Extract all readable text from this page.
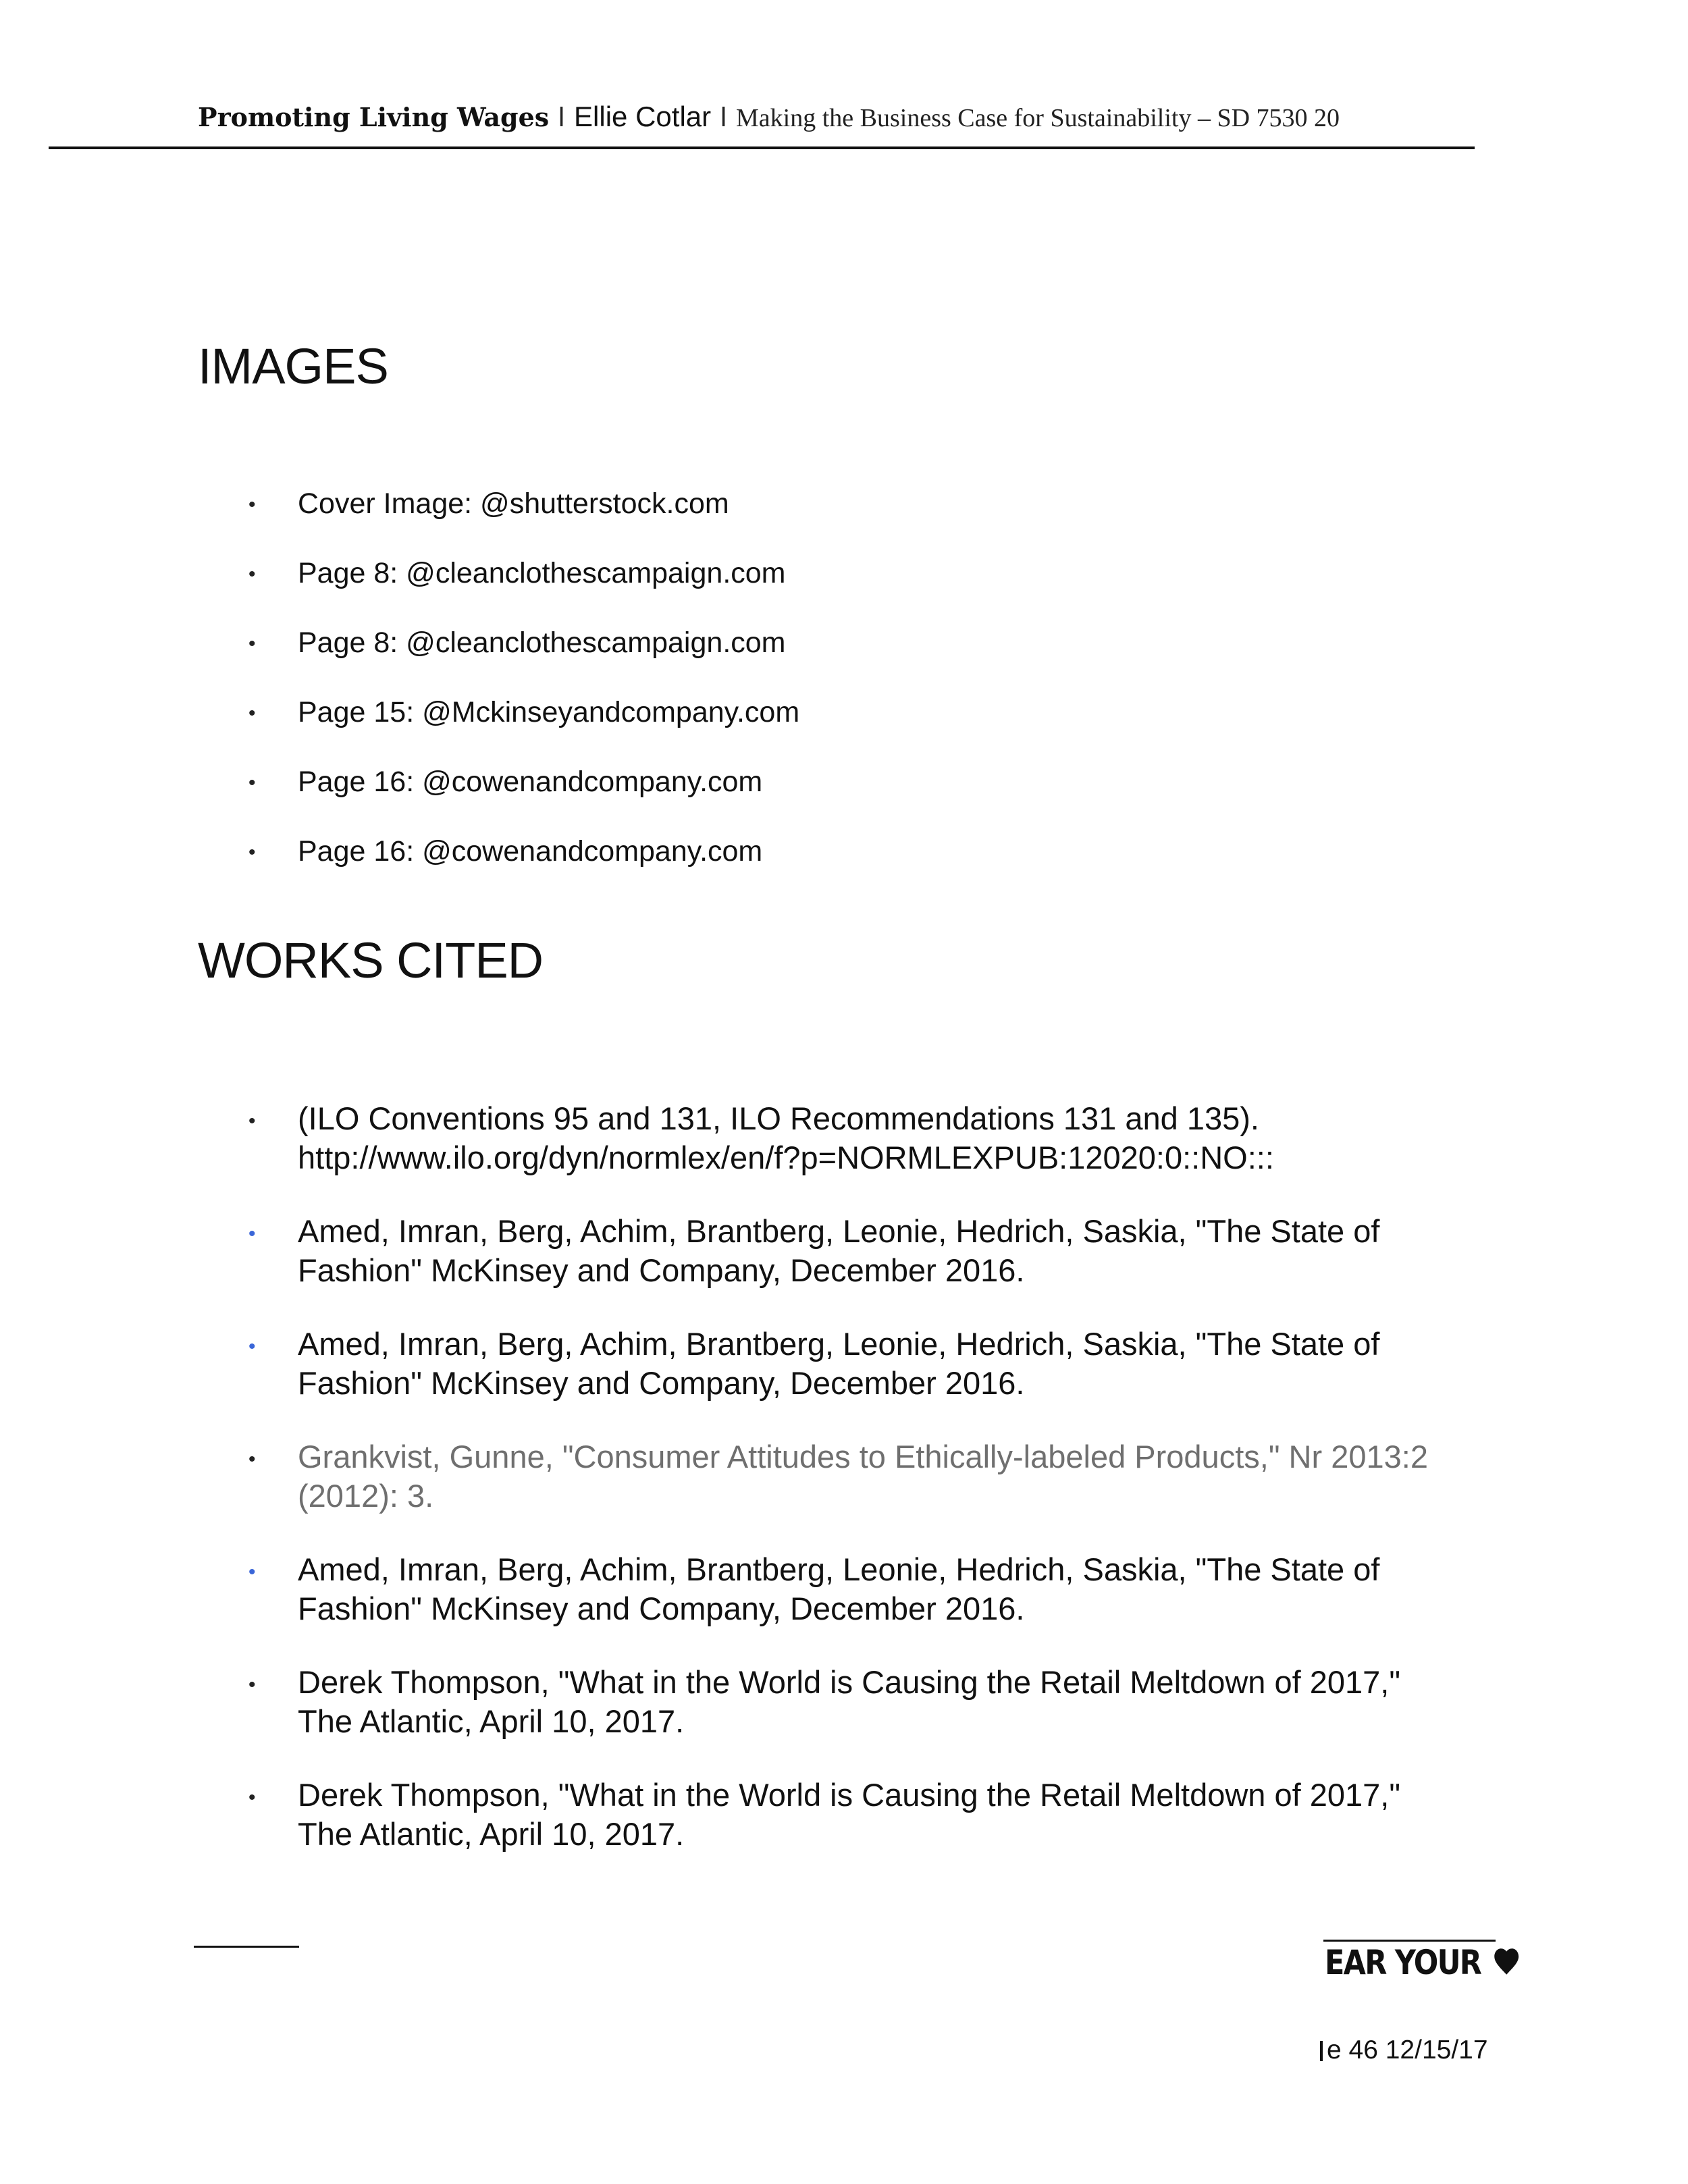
Promoting Living Wages l Ellie Cotlar l Making the Business Case for Sustainability – SD 7530 20
IMAGES
• Cover Image: @shutterstock.com
• Page 8: @cleanclothescampaign.com
• Page 8: @cleanclothescampaign.com
• Page 15: @Mckinseyandcompany.com
• Page 16: @cowenandcompany.com
• Page 16: @cowenandcompany.com
WORKS CITED
• (ILO Conventions 95 and 131, ILO Recommendations 131 and 135).
http://www.ilo.org/dyn/normlex/en/f?p=NORMLEXPUB:12020:0::NO:::
• Amed, Imran, Berg, Achim, Brantberg, Leonie, Hedrich, Saskia, "The State of
Fashion" McKinsey and Company, December 2016.
• Amed, Imran, Berg, Achim, Brantberg, Leonie, Hedrich, Saskia, "The State of
Fashion" McKinsey and Company, December 2016.
• Grankvist, Gunne, "Consumer Attitudes to Ethically-labeled Products," Nr 2013:2
(2012): 3.
• Amed, Imran, Berg, Achim, Brantberg, Leonie, Hedrich, Saskia, "The State of
Fashion" McKinsey and Company, December 2016.
• Derek Thompson, "What in the World is Causing the Retail Meltdown of 2017,"
The Atlantic, April 10, 2017.
• Derek Thompson, "What in the World is Causing the Retail Meltdown of 2017,"
The Atlantic, April 10, 2017.
EAR YOUR
e 46 12/15/17
